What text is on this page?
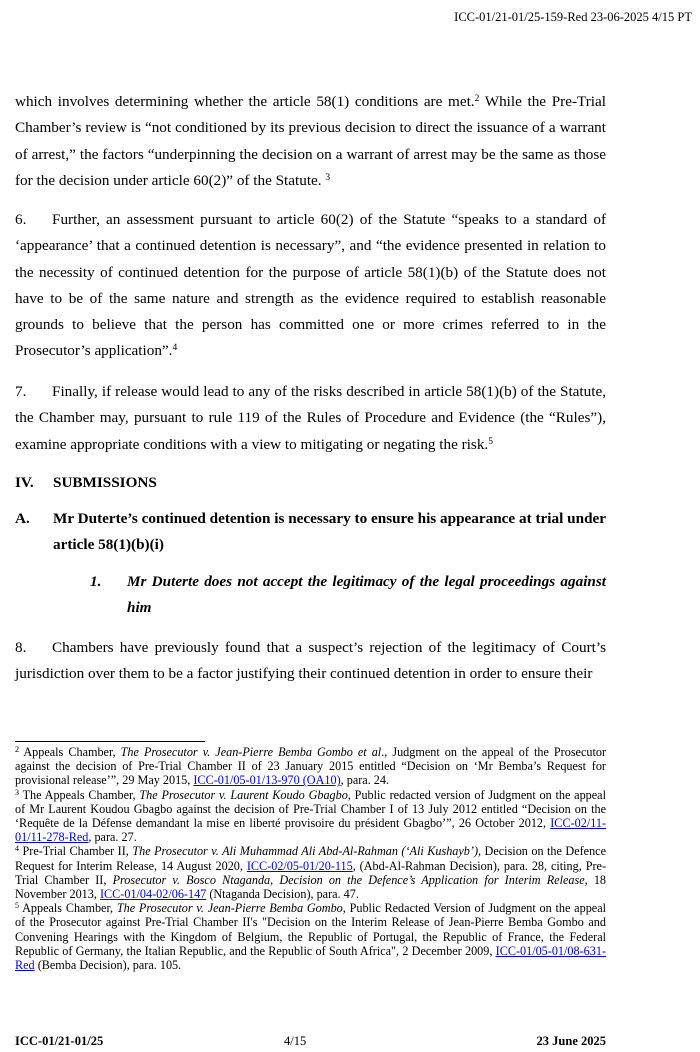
ICC-01/21-01/25-159-Red 23-06-2025 4/15 PT

which involves determining whether the article 58(1) conditions are met.$^2$ While the Pre-Trial Chamber’s review is “not conditioned by its previous decision to direct the issuance of a warrant of arrest,” the factors “underpinning the decision on a warrant of arrest may be the same as those for the decision under article 60(2)” of the Statute. $^3$

6. Further, an assessment pursuant to article 60(2) of the Statute “speaks to a standard of ‘appearance’ that a continued detention is necessary”, and “the evidence presented in relation to the necessity of continued detention for the purpose of article 58(1)(b) of the Statute does not have to be of the same nature and strength as the evidence required to establish reasonable grounds to believe that the person has committed one or more crimes referred to in the Prosecutor’s application”.$^4$

7. Finally, if release would lead to any of the risks described in article 58(1)(b) of the Statute, the Chamber may, pursuant to rule 119 of the Rules of Procedure and Evidence (the “Rules”), examine appropriate conditions with a view to mitigating or negating the risk.$^5$

IV. SUBMISSIONS
A. Mr Duterte’s continued detention is necessary to ensure his appearance at trial under article 58(1)(b)(i)
1. Mr Duterte does not accept the legitimacy of the legal proceedings against him

8. Chambers have previously found that a suspect’s rejection of the legitimacy of Court’s jurisdiction over them to be a factor justifying their continued detention in order to ensure their

$^2$ Appeals Chamber, The Prosecutor v. Jean-Pierre Bemba Gombo et al., Judgment on the appeal of the Prosecutor against the decision of Pre-Trial Chamber II of 23 January 2015 entitled “Decision on ‘Mr Bemba’s Request for provisional release’”, 29 May 2015, ICC-01/05-01/13-970 (OA10), para. 24.

$^3$ The Appeals Chamber, The Prosecutor v. Laurent Koudo Gbagbo, Public redacted version of Judgment on the appeal of Mr Laurent Koudou Gbagbo against the decision of Pre-Trial Chamber I of 13 July 2012 entitled “Decision on the ‘Requête de la Défense demandant la mise en liberté provisoire du président Gbagbo’”, 26 October 2012, ICC-02/11-01/11-278-Red, para. 27.

$^4$ Pre-Trial Chamber II, The Prosecutor v. Ali Muhammad Ali Abd-Al-Rahman (‘Ali Kushayb’), Decision on the Defence Request for Interim Release, 14 August 2020, ICC-02/05-01/20-115, (Abd-Al-Rahman Decision), para. 28, citing, Pre-Trial Chamber II, Prosecutor v. Bosco Ntaganda, Decision on the Defence’s Application for Interim Release, 18 November 2013, ICC-01/04-02/06-147 (Ntaganda Decision), para. 47.

$^5$ Appeals Chamber, The Prosecutor v. Jean-Pierre Bemba Gombo, Public Redacted Version of Judgment on the appeal of the Prosecutor against Pre-Trial Chamber II's "Decision on the Interim Release of Jean-Pierre Bemba Gombo and Convening Hearings with the Kingdom of Belgium, the Republic of Portugal, the Republic of France, the Federal Republic of Germany, the Italian Republic, and the Republic of South Africa", 2 December 2009, ICC-01/05-01/08-631-Red (Bemba Decision), para. 105.

ICC-01/21-01/25	4/15	23 June 2025
